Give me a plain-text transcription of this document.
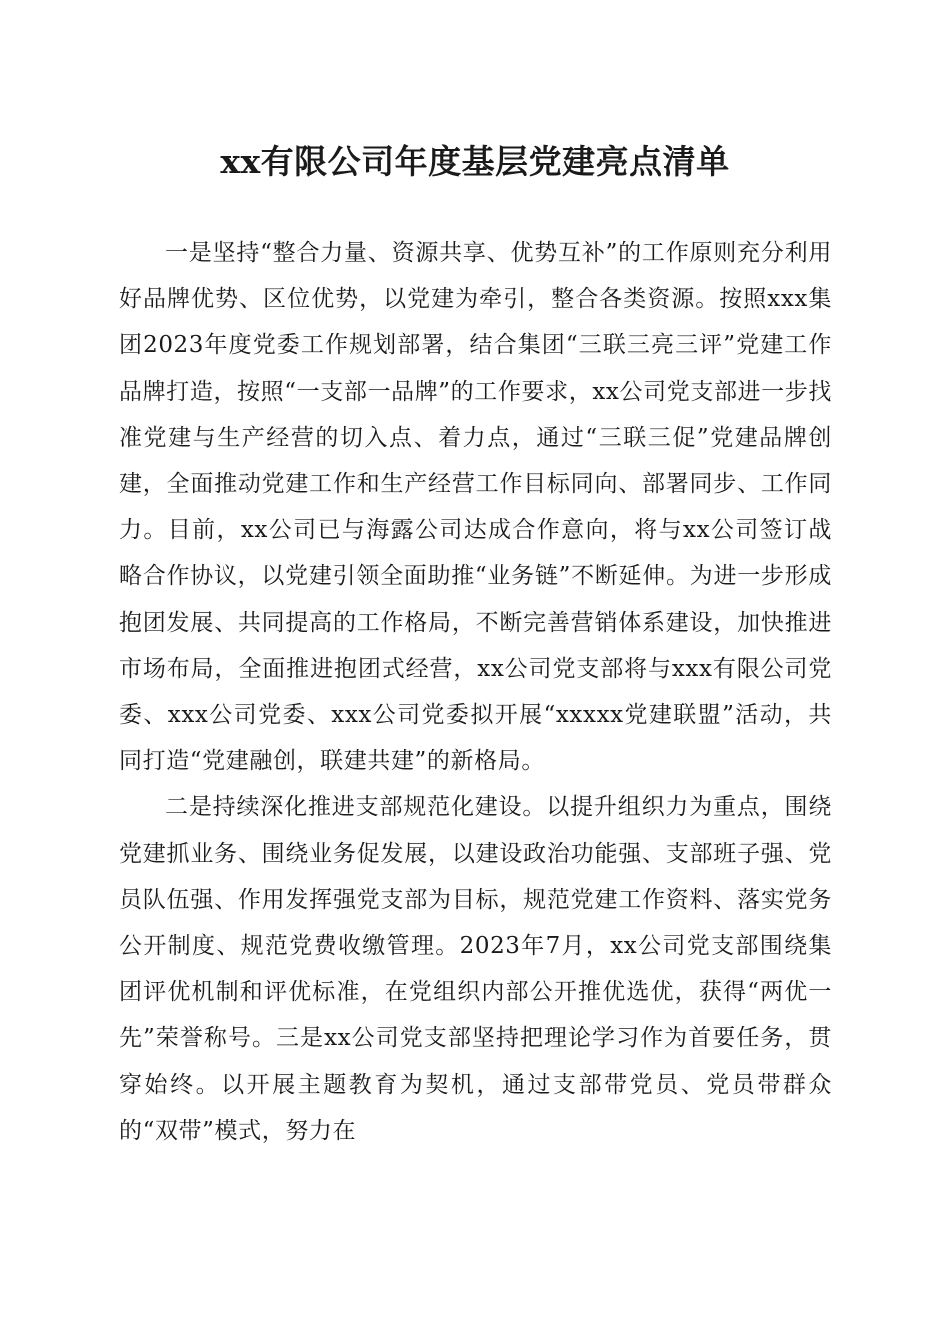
xx有限公司年度基层党建亮点清单

一是坚持“整合力量、资源共享、优势互补”的工作原则充分利用好品牌优势、区位优势，以党建为牵引，整合各类资源。按照xxx集团2023年度党委工作规划部署，结合集团“三联三亮三评”党建工作品牌打造，按照“一支部一品牌”的工作要求，xx公司党支部进一步找准党建与生产经营的切入点、着力点，通过“三联三促”党建品牌创建，全面推动党建工作和生产经营工作目标同向、部署同步、工作同力。目前，xx公司已与海露公司达成合作意向，将与xx公司签订战略合作协议，以党建引领全面助推“业务链”不断延伸。为进一步形成抱团发展、共同提高的工作格局，不断完善营销体系建设，加快推进市场布局，全面推进抱团式经营，xx公司党支部将与xxx有限公司党委、xxx公司党委、xxx公司党委拟开展“xxxxx党建联盟”活动，共同打造“党建融创，联建共建”的新格局。

二是持续深化推进支部规范化建设。以提升组织力为重点，围绕党建抓业务、围绕业务促发展，以建设政治功能强、支部班子强、党员队伍强、作用发挥强党支部为目标，规范党建工作资料、落实党务公开制度、规范党费收缴管理。2023年7月，xx公司党支部围绕集团评优机制和评优标准，在党组织内部公开推优选优，获得“两优一先”荣誉称号。三是xx公司党支部坚持把理论学习作为首要任务，贯穿始终。以开展主题教育为契机，通过支部带党员、党员带群众的“双带”模式，努力在
